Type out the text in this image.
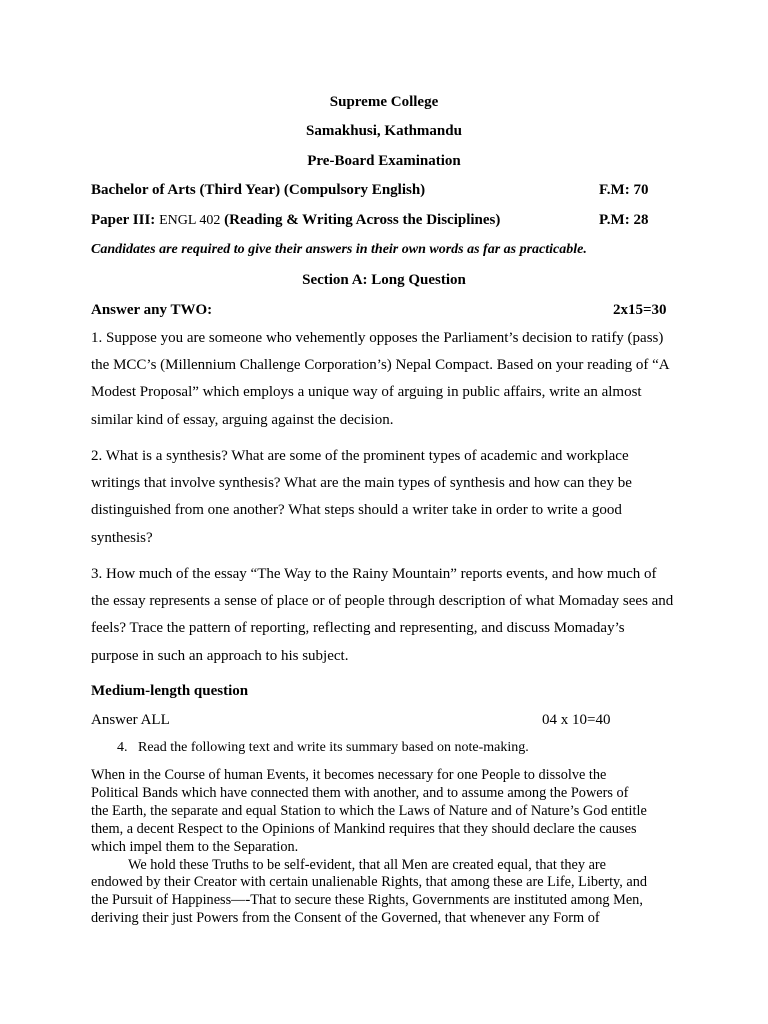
Supreme College
Samakhusi, Kathmandu
Pre-Board Examination
Bachelor of Arts (Third Year) (Compulsory English)	F.M: 70
Paper III: ENGL 402 (Reading & Writing Across the Disciplines)	P.M: 28
Candidates are required to give their answers in their own words as far as practicable.
Section A: Long Question
Answer any TWO:	2x15=30
1. Suppose you are someone who vehemently opposes the Parliament’s decision to ratify (pass)
the MCC’s (Millennium Challenge Corporation’s) Nepal Compact. Based on your reading of “A
Modest Proposal” which employs a unique way of arguing in public affairs, write an almost
similar kind of essay, arguing against the decision.
2. What is a synthesis? What are some of the prominent types of academic and workplace
writings that involve synthesis? What are the main types of synthesis and how can they be
distinguished from one another? What steps should a writer take in order to write a good
synthesis?
3. How much of the essay “The Way to the Rainy Mountain” reports events, and how much of
the essay represents a sense of place or of people through description of what Momaday sees and
feels? Trace the pattern of reporting, reflecting and representing, and discuss Momaday’s
purpose in such an approach to his subject.
Medium-length question
Answer ALL	04 x 10=40
4.   Read the following text and write its summary based on note-making.
When in the Course of human Events, it becomes necessary for one People to dissolve the
Political Bands which have connected them with another, and to assume among the Powers of
the Earth, the separate and equal Station to which the Laws of Nature and of Nature’s God entitle
them, a decent Respect to the Opinions of Mankind requires that they should declare the causes
which impel them to the Separation.
We hold these Truths to be self-evident, that all Men are created equal, that they are
endowed by their Creator with certain unalienable Rights, that among these are Life, Liberty, and
the Pursuit of Happiness—-That to secure these Rights, Governments are instituted among Men,
deriving their just Powers from the Consent of the Governed, that whenever any Form of
